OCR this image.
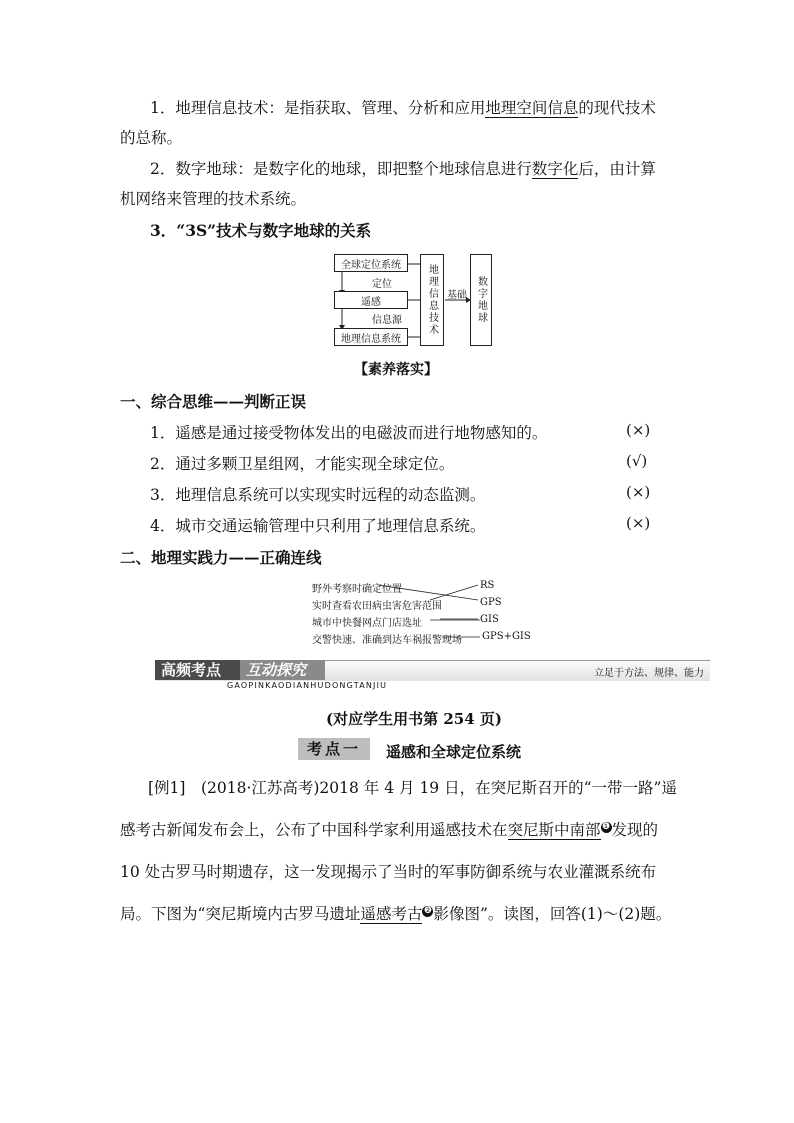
1．地理信息技术：是指获取、管理、分析和应用地理空间信息的现代技术
的总称。
2．数字地球：是数字化的地球，即把整个地球信息进行数字化后，由计算
机网络来管理的技术系统。
3．“3S”技术与数字地球的关系
全球定位系统
遥感
地理信息系统
定位
信息源	地理信息技术 基础 数字地球
【素养落实】
一、综合思维——判断正误
1．遥感是通过接受物体发出的电磁波而进行地物感知的。	(×)
2．通过多颗卫星组网，才能实现全球定位。	(√)
3．地理信息系统可以实现实时远程的动态监测。	(×)
4．城市交通运输管理中只利用了地理信息系统。	(×)
二、地理实践力——正确连线
野外考察时确定位置
实时查看农田病虫害危害范围
城市中快餐网点门店选址
交警快速、准确到达车祸报警现场
RS
GPS
GIS
GPS+GIS
高频考点	互动探究	立足于方法、规律、能力
GAOPINKAODIANHUDONGTANJIU
(对应学生用书第 254 页)
考点一	遥感和全球定位系统
[例1]　(2018·江苏高考)2018 年 4 月 19 日，在突尼斯召开的“一带一路”遥
感考古新闻发布会上，公布了中国科学家利用遥感技术在突尼斯中南部$^❶$发现的
10 处古罗马时期遗存，这一发现揭示了当时的军事防御系统与农业灌溉系统布
局。下图为“突尼斯境内古罗马遗址遥感考古$^❷$影像图”。读图，回答(1)～(2)题。
